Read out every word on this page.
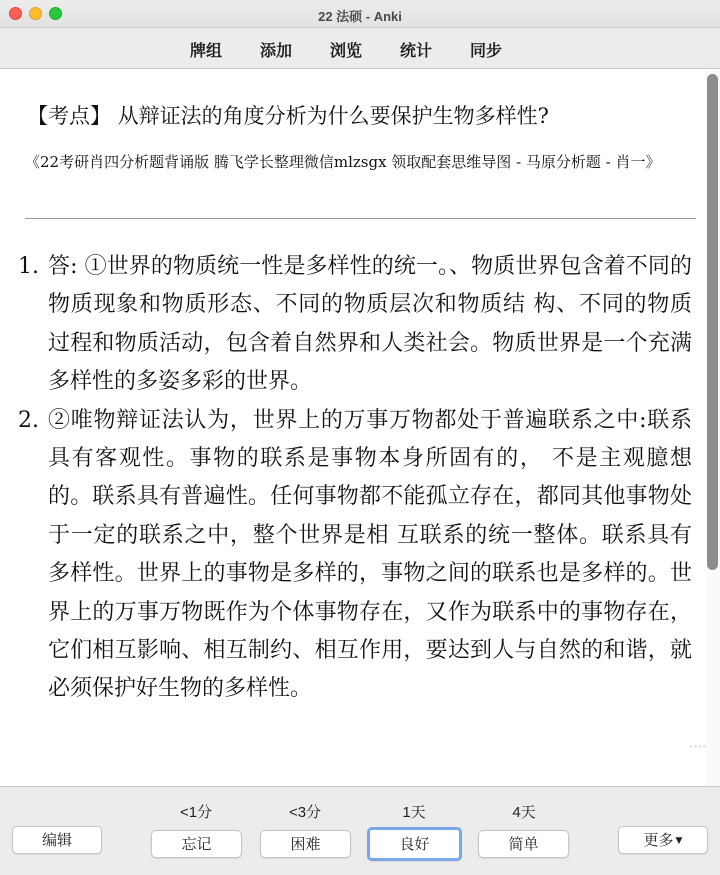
22 法硕 - Anki
牌组 添加 浏览 统计 同步
【考点】 从辩证法的角度分析为什么要保护生物多样性?
《22考研肖四分析题背诵版 腾飞学长整理微信mlzsgx 领取配套思维导图 - 马原分析题 - 肖一》
1. 答: ①世界的物质统一性是多样性的统一。、物质世界包含着不同的物质现象和物质形态、不同的物质层次和物质结 构、不同的物质过程和物质活动，包含着自然界和人类社会。物质世界是一个充满多样性的多姿多彩的世界。
2. ②唯物辩证法认为，世界上的万事万物都处于普遍联系之中:联系具有客观性。事物的联系是事物本身所固有的， 不是主观臆想的。联系具有普遍性。任何事物都不能孤立存在，都同其他事物处于一定的联系之中，整个世界是相 互联系的统一整体。联系具有多样性。世界上的事物是多样的，事物之间的联系也是多样的。世界上的万事万物既作为个体事物存在，又作为联系中的事物存在，它们相互影响、相互制约、相互作用，要达到人与自然的和谐，就必须保护好生物的多样性。
• • • •
编辑
<1分	<3分	1天	4天
忘记	困难	良好	简单	更多 ▼
